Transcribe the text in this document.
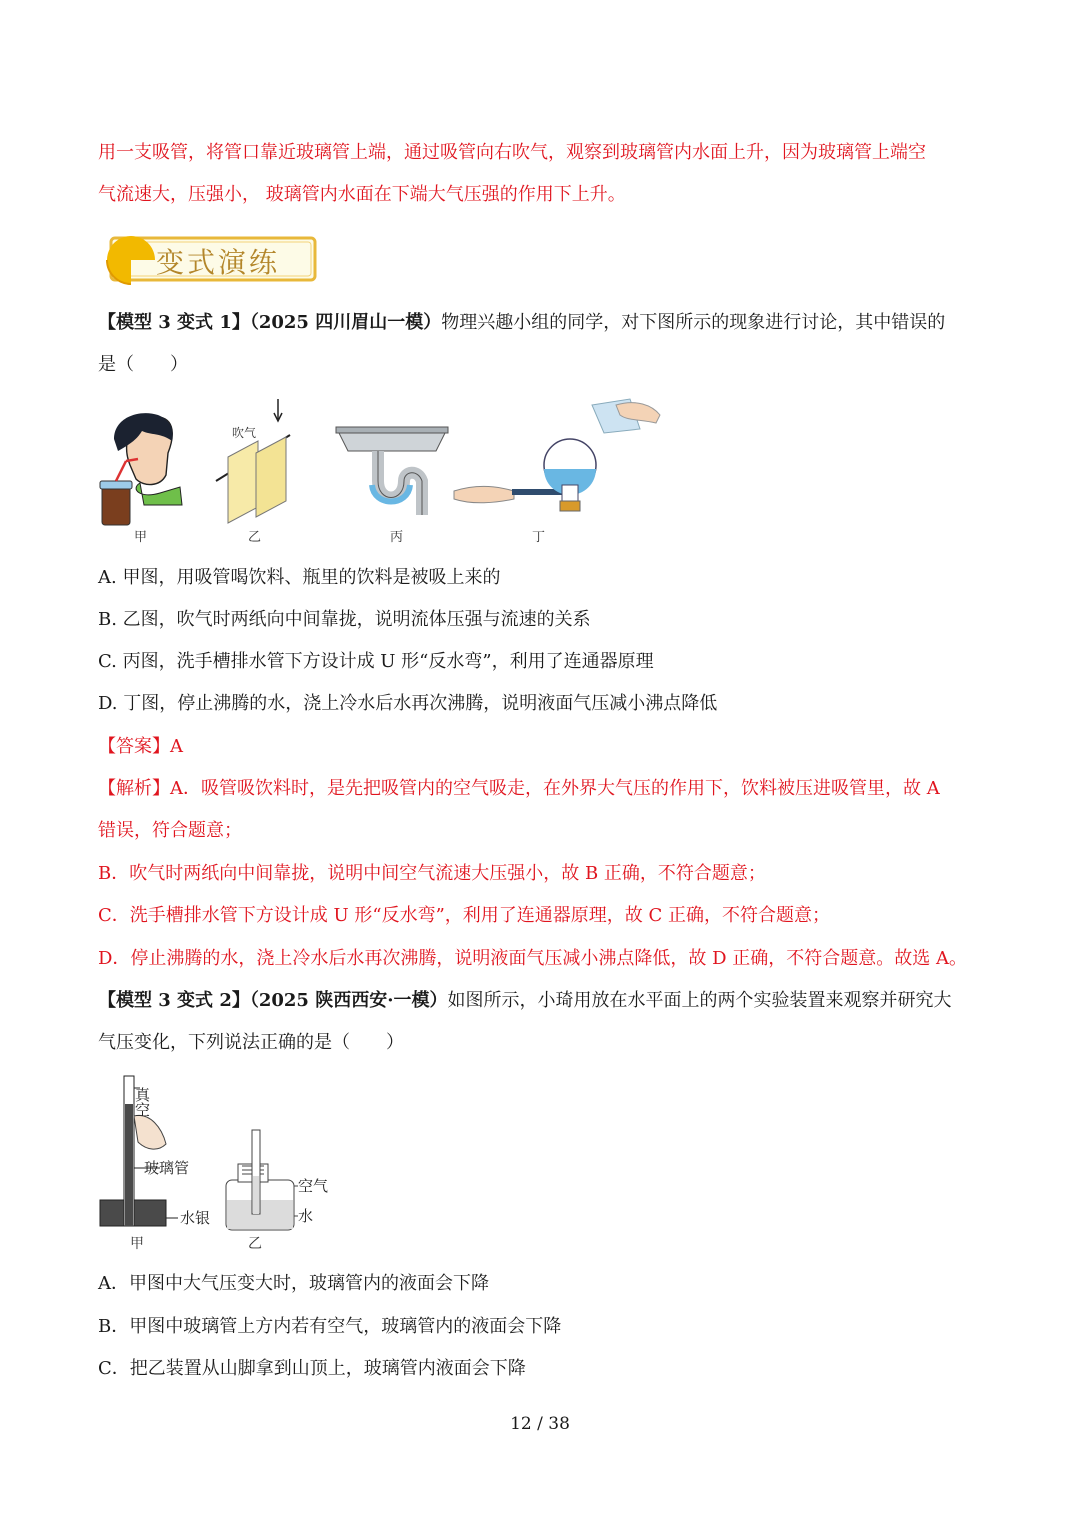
用一支吸管，将管口靠近玻璃管上端，通过吸管向右吹气，观察到玻璃管内水面上升，因为玻璃管上端空
气流速大，压强小， 玻璃管内水面在下端大气压强的作用下上升。
变式演练
【模型 3 变式 1】（2025 四川眉山一模）物理兴趣小组的同学，对下图所示的现象进行讨论，其中错误的
是（　　）
吹气
甲	乙	丙	丁
A. 甲图，用吸管喝饮料、瓶里的饮料是被吸上来的
B. 乙图，吹气时两纸向中间靠拢，说明流体压强与流速的关系
C. 丙图，洗手槽排水管下方设计成 U 形“反水弯”，利用了连通器原理
D. 丁图，停止沸腾的水，浇上冷水后水再次沸腾，说明液面气压减小沸点降低
【答案】A
【解析】A．吸管吸饮料时，是先把吸管内的空气吸走，在外界大气压的作用下，饮料被压进吸管里，故 A
错误，符合题意；
B．吹气时两纸向中间靠拢，说明中间空气流速大压强小，故 B 正确，不符合题意；
C．洗手槽排水管下方设计成 U 形“反水弯”，利用了连通器原理，故 C 正确，不符合题意；
D．停止沸腾的水，浇上冷水后水再次沸腾，说明液面气压减小沸点降低，故 D 正确，不符合题意。故选 A。
【模型 3 变式 2】（2025 陕西西安·一模）如图所示，小琦用放在水平面上的两个实验装置来观察并研究大
气压变化，下列说法正确的是（　　）
真空
玻璃管
水银
空气
水
甲	乙
A．甲图中大气压变大时，玻璃管内的液面会下降
B．甲图中玻璃管上方内若有空气，玻璃管内的液面会下降
C．把乙装置从山脚拿到山顶上，玻璃管内液面会下降
12 / 38
